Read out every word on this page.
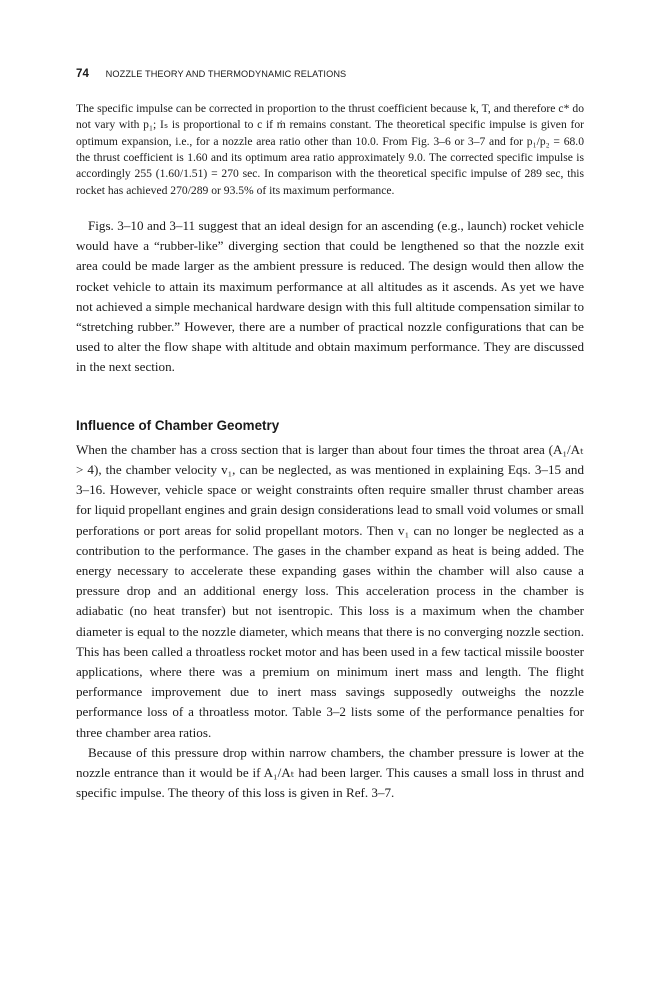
74 NOZZLE THEORY AND THERMODYNAMIC RELATIONS

The specific impulse can be corrected in proportion to the thrust coefficient because k, T, and therefore c* do not vary with p₁; Iₛ is proportional to c if ṁ remains constant. The theoretical specific impulse is given for optimum expansion, i.e., for a nozzle area ratio other than 10.0. From Fig. 3–6 or 3–7 and for p₁/p₂ = 68.0 the thrust coefficient is 1.60 and its optimum area ratio approximately 9.0. The corrected specific impulse is accordingly 255 (1.60/1.51) = 270 sec. In comparison with the theoretical specific impulse of 289 sec, this rocket has achieved 270/289 or 93.5% of its maximum performance.

Figs. 3–10 and 3–11 suggest that an ideal design for an ascending (e.g., launch) rocket vehicle would have a “rubber-like” diverging section that could be lengthened so that the nozzle exit area could be made larger as the ambient pressure is reduced. The design would then allow the rocket vehicle to attain its maximum performance at all altitudes as it ascends. As yet we have not achieved a simple mechanical hardware design with this full altitude compensation similar to “stretching rubber.” However, there are a number of practical nozzle configurations that can be used to alter the flow shape with altitude and obtain maximum performance. They are discussed in the next section.

Influence of Chamber Geometry

When the chamber has a cross section that is larger than about four times the throat area (A₁/Aₜ > 4), the chamber velocity v₁, can be neglected, as was mentioned in explaining Eqs. 3–15 and 3–16. However, vehicle space or weight constraints often require smaller thrust chamber areas for liquid propellant engines and grain design considerations lead to small void volumes or small perforations or port areas for solid propellant motors. Then v₁ can no longer be neglected as a contribution to the performance. The gases in the chamber expand as heat is being added. The energy necessary to accelerate these expanding gases within the chamber will also cause a pressure drop and an additional energy loss. This acceleration process in the chamber is adiabatic (no heat transfer) but not isentropic. This loss is a maximum when the chamber diameter is equal to the nozzle diameter, which means that there is no converging nozzle section. This has been called a throatless rocket motor and has been used in a few tactical missile booster applications, where there was a premium on minimum inert mass and length. The flight performance improvement due to inert mass savings supposedly outweighs the nozzle performance loss of a throatless motor. Table 3–2 lists some of the performance penalties for three chamber area ratios.

Because of this pressure drop within narrow chambers, the chamber pressure is lower at the nozzle entrance than it would be if A₁/Aₜ had been larger. This causes a small loss in thrust and specific impulse. The theory of this loss is given in Ref. 3–7.
